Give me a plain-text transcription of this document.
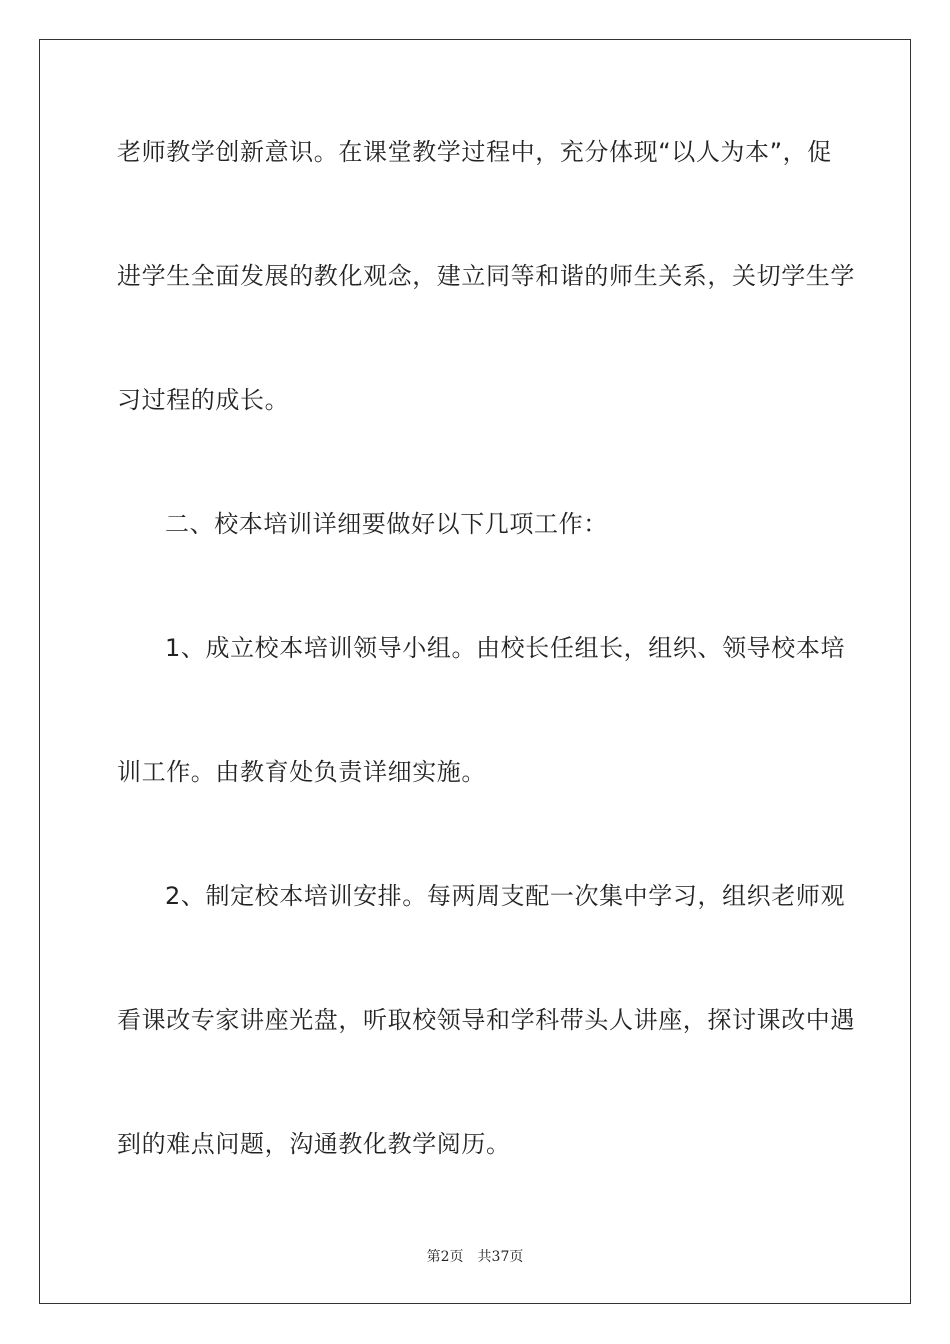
老师教学创新意识。在课堂教学过程中，充分体现“以人为本”，促
进学生全面发展的教化观念，建立同等和谐的师生关系，关切学生学
习过程的成长。
二、校本培训详细要做好以下几项工作：
1、成立校本培训领导小组。由校长任组长，组织、领导校本培
训工作。由教育处负责详细实施。
2、制定校本培训安排。每两周支配一次集中学习，组织老师观
看课改专家讲座光盘，听取校领导和学科带头人讲座，探讨课改中遇
到的难点问题，沟通教化教学阅历。
第2页 共37页
